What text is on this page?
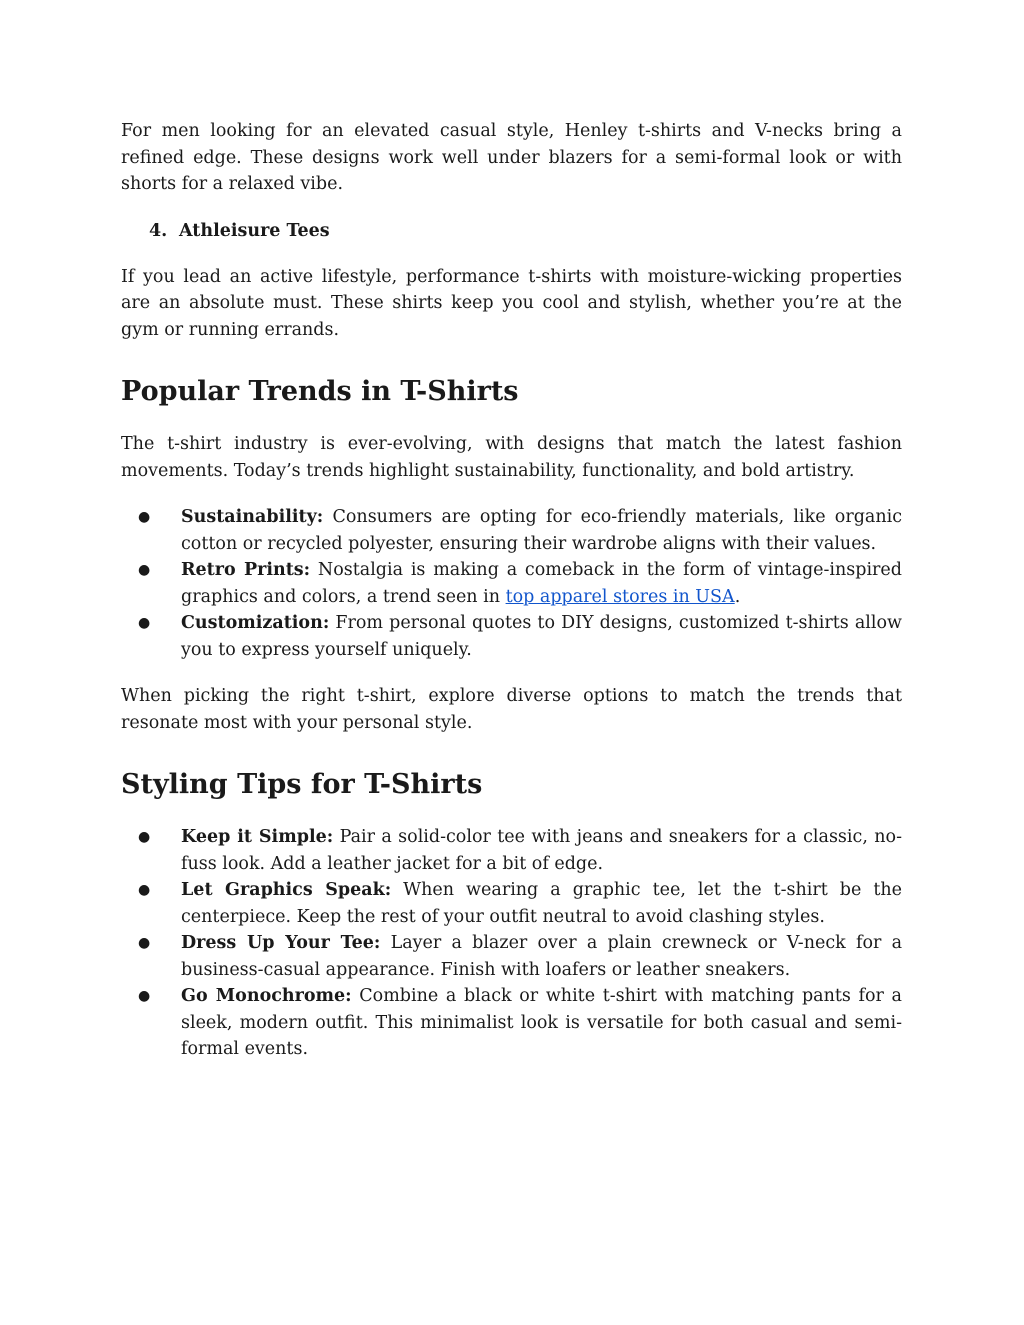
For men looking for an elevated casual style, Henley t-shirts and V-necks bring a refined edge. These designs work well under blazers for a semi-formal look or with shorts for a relaxed vibe.

4. Athleisure Tees

If you lead an active lifestyle, performance t-shirts with moisture-wicking properties are an absolute must. These shirts keep you cool and stylish, whether you’re at the gym or running errands.

Popular Trends in T-Shirts

The t-shirt industry is ever-evolving, with designs that match the latest fashion movements. Today’s trends highlight sustainability, functionality, and bold artistry.

● Sustainability: Consumers are opting for eco-friendly materials, like organic cotton or recycled polyester, ensuring their wardrobe aligns with their values.
● Retro Prints: Nostalgia is making a comeback in the form of vintage-inspired graphics and colors, a trend seen in top apparel stores in USA.
● Customization: From personal quotes to DIY designs, customized t-shirts allow you to express yourself uniquely.

When picking the right t-shirt, explore diverse options to match the trends that resonate most with your personal style.

Styling Tips for T-Shirts
● Keep it Simple: Pair a solid-color tee with jeans and sneakers for a classic, no-fuss look. Add a leather jacket for a bit of edge.
● Let Graphics Speak: When wearing a graphic tee, let the t-shirt be the centerpiece. Keep the rest of your outfit neutral to avoid clashing styles.
● Dress Up Your Tee: Layer a blazer over a plain crewneck or V-neck for a business-casual appearance. Finish with loafers or leather sneakers.
● Go Monochrome: Combine a black or white t-shirt with matching pants for a sleek, modern outfit. This minimalist look is versatile for both casual and semi-formal events.
